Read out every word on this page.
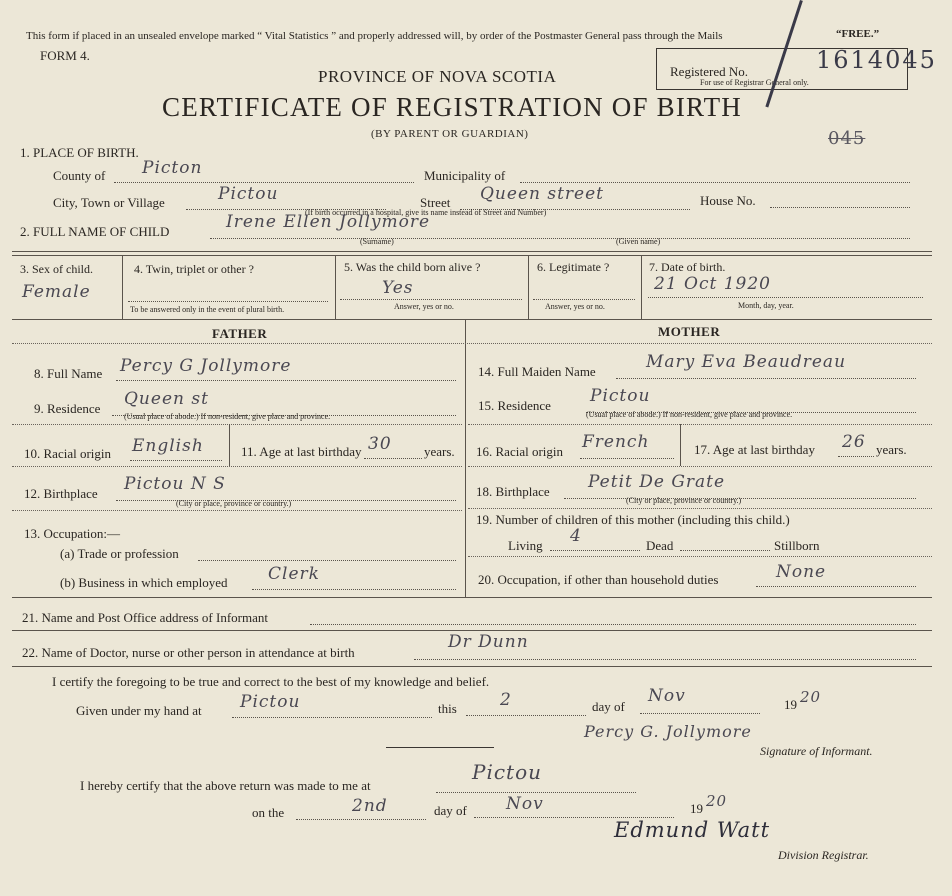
This form if placed in an unsealed envelope marked “ Vital Statistics ” and properly addressed will, by order of the Postmaster General pass through the Mails	“FREE.”
FORM 4.
PROVINCE OF NOVA SCOTIA
CERTIFICATE OF REGISTRATION OF BIRTH
(BY PARENT OR GUARDIAN)
Registered No.	1614045
For use of Registrar General only.
045
1. PLACE OF BIRTH.
County of Picton	Municipality of
City, Town or Village	Pictou	Street Queen street	House No.
(If birth occurred in a hospital, give its name instead of Street and Number)
2. FULL NAME OF CHILD	Irene Ellen Jollymore
(Surname)	(Given name)
3. Sex of child.
Female
4. Twin, triplet or other ?
To be answered only in the event of plural birth.
5. Was the child born alive ?
Yes
Answer, yes or no.
6. Legitimate ?
Answer, yes or no.
7. Date of birth.
21 Oct 1920
Month, day, year.
FATHER	MOTHER
8. Full Name Percy G Jollymore
9. Residence Queen st
(Usual place of abode.) If non-resident, give place and province.
10. Racial origin English	11. Age at last birthday 30 years.
12. Birthplace Pictou N S
(City or place, province or country.)
13. Occupation:—
(a) Trade or profession
(b) Business in which employed Clerk
14. Full Maiden Name	Mary Eva Beaudreau
15. Residence Pictou
(Usual place of abode.) If non-resident, give place and province.
16. Racial origin French	17. Age at last birthday 26 years.
18. Birthplace Petit De Grate
(City or place, province or country.)
19. Number of children of this mother (including this child.)
Living 4	Dead	Stillborn
20. Occupation, if other than household duties	None
21. Name and Post Office address of Informant
22. Name of Doctor, nurse or other person in attendance at birth
Dr Dunn
I certify the foregoing to be true and correct to the best of my knowledge and belief.
Given under my hand at Pictou	this	2	day of
Nov	19 20
Percy G. Jollymore
Signature of Informant.
I hereby certify that the above return was made to me at
Pictou
on the	2nd	day of Nov	19 20
Edmund Watt
Division Registrar.
